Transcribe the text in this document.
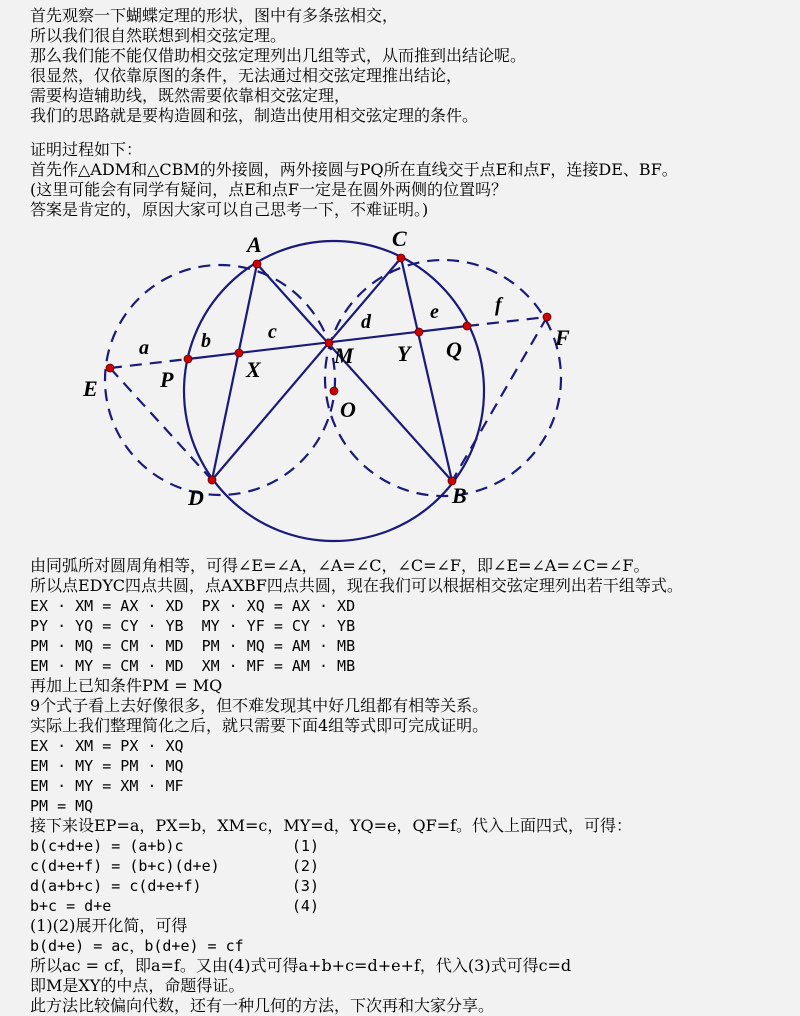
首先观察一下蝴蝶定理的形状，图中有多条弦相交，
所以我们很自然联想到相交弦定理。
那么我们能不能仅借助相交弦定理列出几组等式，从而推到出结论呢。
很显然，仅依靠原图的条件，无法通过相交弦定理推出结论，
需要构造辅助线，既然需要依靠相交弦定理，
我们的思路就是要构造圆和弦，制造出使用相交弦定理的条件。
证明过程如下：
首先作△ADM和△CBM的外接圆，两外接圆与PQ所在直线交于点E和点F，连接DE、BF。
(这里可能会有同学有疑问，点E和点F一定是在圆外两侧的位置吗？
答案是肯定的，原因大家可以自己思考一下，不难证明。)
A	C
E	P	X
M Y Q	F
O
D	B
a	b	c	d	e	f
由同弧所对圆周角相等，可得∠E=∠A，∠A=∠C，∠C=∠F，即∠E=∠A=∠C=∠F。
所以点EDYC四点共圆，点AXBF四点共圆，现在我们可以根据相交弦定理列出若干组等式。
EX · XM = AX · XD  PX · XQ = AX · XD
PY · YQ = CY · YB  MY · YF = CY · YB
PM · MQ = CM · MD  PM · MQ = AM · MB
EM · MY = CM · MD  XM · MF = AM · MB
再加上已知条件PM = MQ
9个式子看上去好像很多，但不难发现其中好几组都有相等关系。
实际上我们整理简化之后，就只需要下面4组等式即可完成证明。
EX · XM = PX · XQ
EM · MY = PM · MQ
EM · MY = XM · MF
PM = MQ
接下来设EP=a，PX=b，XM=c，MY=d，YQ=e，QF=f。代入上面四式，可得：
b(c+d+e) = (a+b)c            (1)
c(d+e+f) = (b+c)(d+e)        (2)
d(a+b+c) = c(d+e+f)          (3)
b+c = d+e                    (4)
(1)(2)展开化简，可得
b(d+e) = ac，b(d+e) = cf
所以ac = cf，即a=f。又由(4)式可得a+b+c=d+e+f，代入(3)式可得c=d
即M是XY的中点，命题得证。
此方法比较偏向代数，还有一种几何的方法，下次再和大家分享。
